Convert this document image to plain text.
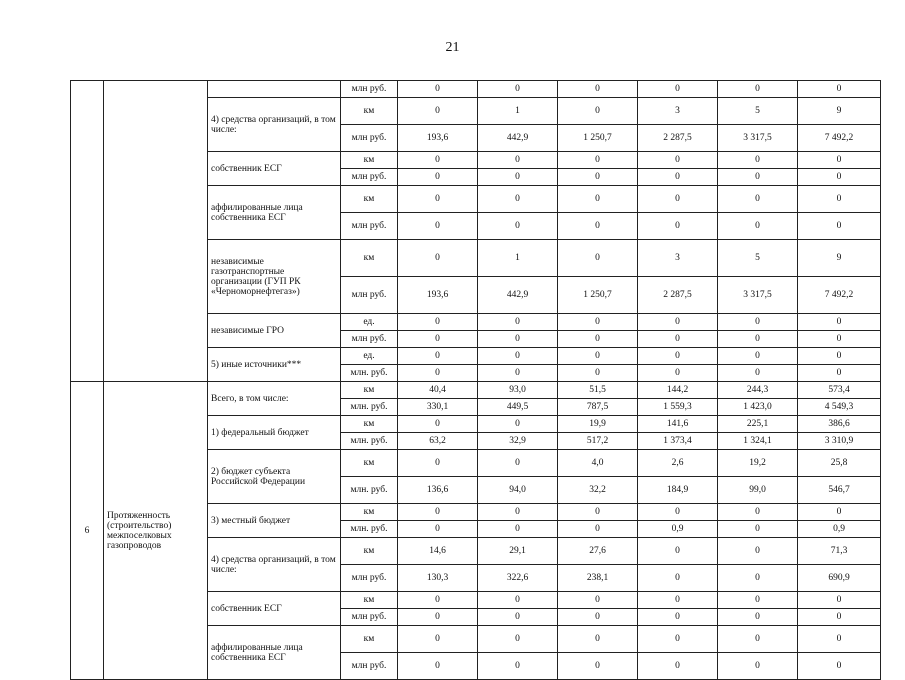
21
			млн руб.	0	0	0	0	0	0
		4) средства организаций, в том числе:	км	0	1	0	3	5	9
			млн руб.	193,6	442,9	1 250,7	2 287,5	3 317,5	7 492,2
		собственник ЕСГ	км	0	0	0	0	0	0
			млн руб.	0	0	0	0	0	0
		аффилированные лица собственника ЕСГ	км	0	0	0	0	0	0
			млн руб.	0	0	0	0	0	0
		независимые газотранспортные организации (ГУП РК «Черноморнефтегаз»)	км	0	1	0	3	5	9
			млн руб.	193,6	442,9	1 250,7	2 287,5	3 317,5	7 492,2
		независимые ГРО	ед.	0	0	0	0	0	0
			млн руб.	0	0	0	0	0	0
		5) иные источники***	ед.	0	0	0	0	0	0
			млн. руб.	0	0	0	0	0	0
6	Протяженность (строительство) межпоселковых газопроводов	Всего, в том числе:	км	40,4	93,0	51,5	144,2	244,3	573,4
			млн. руб.	330,1	449,5	787,5	1 559,3	1 423,0	4 549,3
		1) федеральный бюджет	км	0	0	19,9	141,6	225,1	386,6
			млн. руб.	63,2	32,9	517,2	1 373,4	1 324,1	3 310,9
		2) бюджет субъекта Российской Федерации	км	0	0	4,0	2,6	19,2	25,8
			млн. руб.	136,6	94,0	32,2	184,9	99,0	546,7
		3) местный бюджет	км	0	0	0	0	0	0
			млн. руб.	0	0	0	0,9	0	0,9
		4) средства организаций, в том числе:	км	14,6	29,1	27,6	0	0	71,3
			млн руб.	130,3	322,6	238,1	0	0	690,9
		собственник ЕСГ	км	0	0	0	0	0	0
			млн руб.	0	0	0	0	0	0
		аффилированные лица собственника ЕСГ	км	0	0	0	0	0	0
			млн руб.	0	0	0	0	0	0
